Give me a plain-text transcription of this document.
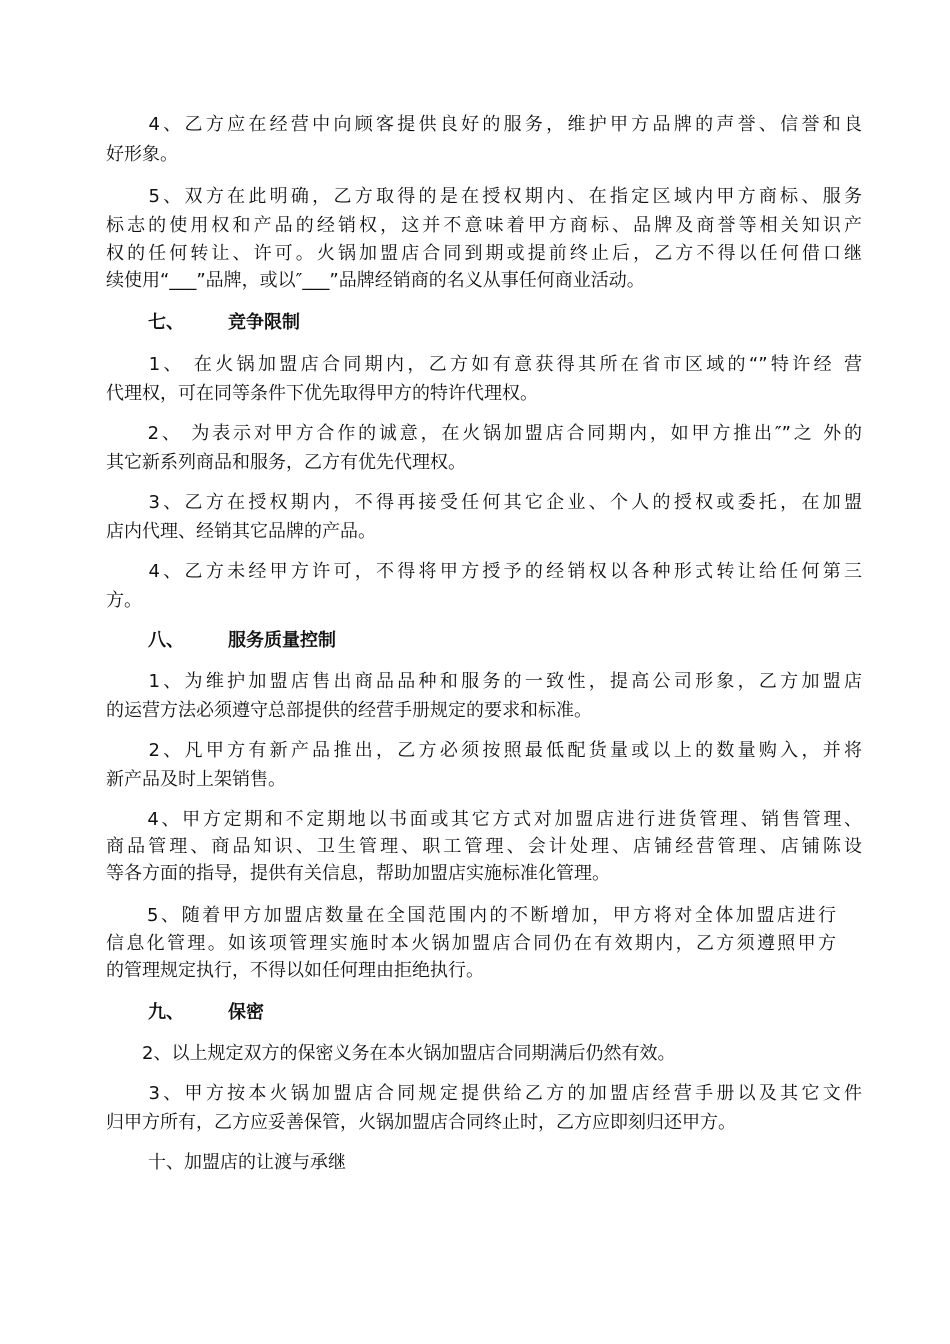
　　4、乙方应在经营中向顾客提供良好的服务，维护甲方品牌的声誉、信誉和良
好形象。
　　5、双方在此明确，乙方取得的是在授权期内、在指定区域内甲方商标、服务
标志的使用权和产品的经销权，这并不意味着甲方商标、品牌及商誉等相关知识产
权的任何转让、许可。火锅加盟店合同到期或提前终止后，乙方不得以任何借口继
续使用“___”品牌，或以″___”品牌经销商的名义从事任何商业活动。
七、 竞争限制
　　1、 在火锅加盟店合同期内，乙方如有意获得其所在省市区域的“”特许经 营
代理权，可在同等条件下优先取得甲方的特许代理权。
　　2、 为表示对甲方合作的诚意，在火锅加盟店合同期内，如甲方推出″”之 外的
其它新系列商品和服务，乙方有优先代理权。
　　3、乙方在授权期内，不得再接受任何其它企业、个人的授权或委托，在加盟
店内代理、经销其它品牌的产品。
　　4、乙方未经甲方许可，不得将甲方授予的经销权以各种形式转让给任何第三
方。
八、 服务质量控制
　　1、为维护加盟店售出商品品种和服务的一致性，提高公司形象，乙方加盟店
的运营方法必须遵守总部提供的经营手册规定的要求和标准。
　　2、凡甲方有新产品推出，乙方必须按照最低配货量或以上的数量购入，并将
新产品及时上架销售。
　　4、甲方定期和不定期地以书面或其它方式对加盟店进行进货管理、销售管理、
商品管理、商品知识、卫生管理、职工管理、会计处理、店铺经营管理、店铺陈设
等各方面的指导，提供有关信息，帮助加盟店实施标准化管理。
　　5、随着甲方加盟店数量在全国范围内的不断增加，甲方将对全体加盟店进行
信息化管理。如该项管理实施时本火锅加盟店合同仍在有效期内，乙方须遵照甲方
的管理规定执行，不得以如任何理由拒绝执行。
九、 保密
　　2、以上规定双方的保密义务在本火锅加盟店合同期满后仍然有效。
　　3、甲方按本火锅加盟店合同规定提供给乙方的加盟店经营手册以及其它文件
归甲方所有，乙方应妥善保管，火锅加盟店合同终止时，乙方应即刻归还甲方。
十、加盟店的让渡与承继
